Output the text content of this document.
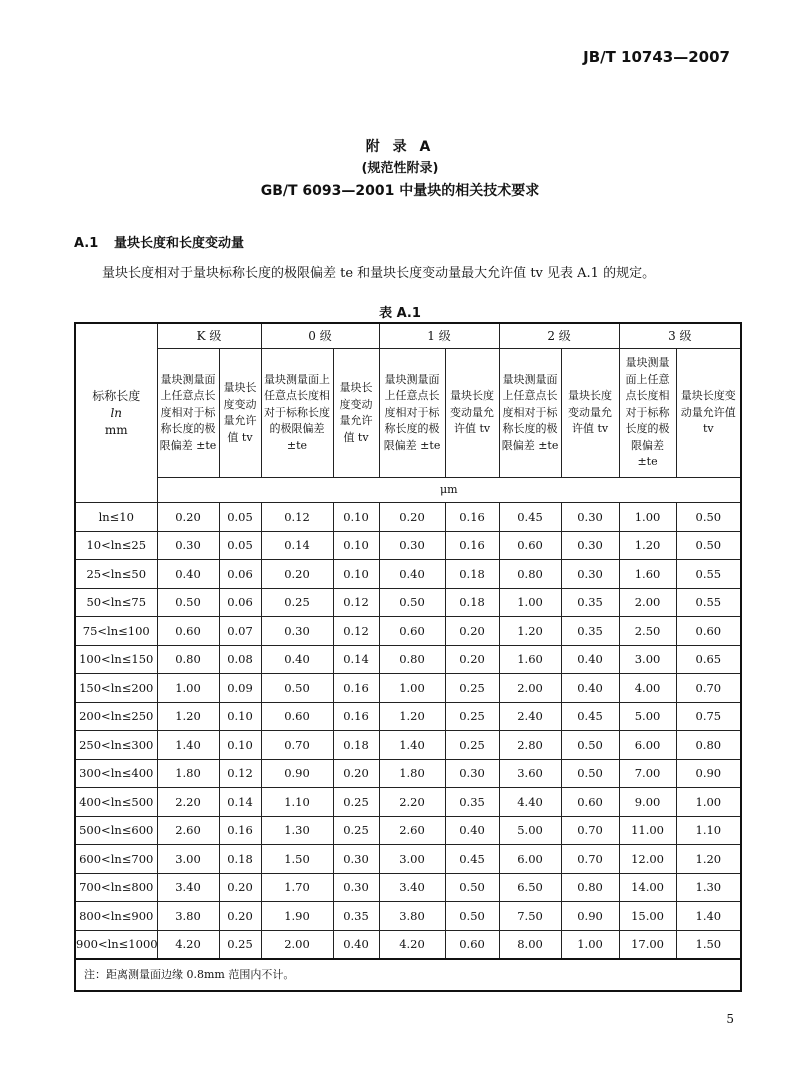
JB/T 10743—2007
附 录 A
(规范性附录)
GB/T 6093—2001 中量块的相关技术要求
A.1 量块长度和长度变动量
量块长度相对于量块标称长度的极限偏差 te 和量块长度变动量最大允许值 tv 见表 A.1 的规定。
表 A.1
标称长度
ln
mm	K 级		0 级		1 级		2 级		3 级	
	量块测量面上任意点长度相对于标称长度的极限偏差 ±te	量块长度变动量允许值 tv	量块测量面上任意点长度相对于标称长度的极限偏差 ±te	量块长度变动量允许值 tv	量块测量面上任意点长度相对于标称长度的极限偏差 ±te	量块长度变动量允许值 tv	量块测量面上任意点长度相对于标称长度的极限偏差 ±te	量块长度变动量允许值 tv	量块测量面上任意点长度相对于标称长度的极限偏差 ±te	量块长度变动量允许值 tv
	μm									
ln≤10	0.20	0.05	0.12	0.10	0.20	0.16	0.45	0.30	1.00	0.50
10<ln≤25	0.30	0.05	0.14	0.10	0.30	0.16	0.60	0.30	1.20	0.50
25<ln≤50	0.40	0.06	0.20	0.10	0.40	0.18	0.80	0.30	1.60	0.55
50<ln≤75	0.50	0.06	0.25	0.12	0.50	0.18	1.00	0.35	2.00	0.55
75<ln≤100	0.60	0.07	0.30	0.12	0.60	0.20	1.20	0.35	2.50	0.60
100<ln≤150	0.80	0.08	0.40	0.14	0.80	0.20	1.60	0.40	3.00	0.65
150<ln≤200	1.00	0.09	0.50	0.16	1.00	0.25	2.00	0.40	4.00	0.70
200<ln≤250	1.20	0.10	0.60	0.16	1.20	0.25	2.40	0.45	5.00	0.75
250<ln≤300	1.40	0.10	0.70	0.18	1.40	0.25	2.80	0.50	6.00	0.80
300<ln≤400	1.80	0.12	0.90	0.20	1.80	0.30	3.60	0.50	7.00	0.90
400<ln≤500	2.20	0.14	1.10	0.25	2.20	0.35	4.40	0.60	9.00	1.00
500<ln≤600	2.60	0.16	1.30	0.25	2.60	0.40	5.00	0.70	11.00	1.10
600<ln≤700	3.00	0.18	1.50	0.30	3.00	0.45	6.00	0.70	12.00	1.20
700<ln≤800	3.40	0.20	1.70	0.30	3.40	0.50	6.50	0.80	14.00	1.30
800<ln≤900	3.80	0.20	1.90	0.35	3.80	0.50	7.50	0.90	15.00	1.40
900<ln≤1000	4.20	0.25	2.00	0.40	4.20	0.60	8.00	1.00	17.00	1.50
注：距离测量面边缘 0.8mm 范围内不计。										
5
